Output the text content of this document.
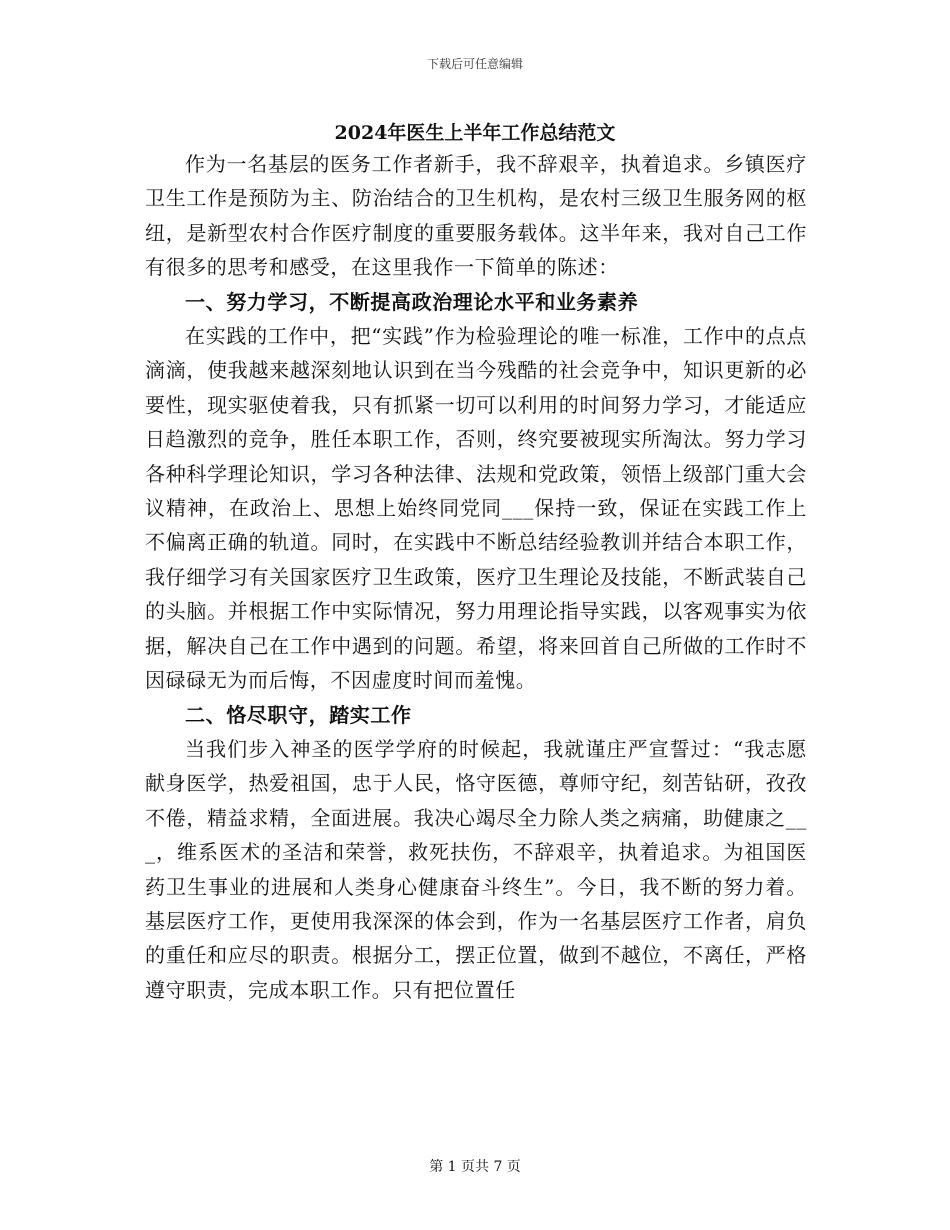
下载后可任意编辑
2024年医生上半年工作总结范文

作为一名基层的医务工作者新手，我不辞艰辛，执着追求。乡镇医疗卫生工作是预防为主、防治结合的卫生机构，是农村三级卫生服务网的枢纽，是新型农村合作医疗制度的重要服务载体。这半年来，我对自己工作有很多的思考和感受，在这里我作一下简单的陈述：

一、努力学习，不断提高政治理论水平和业务素养

在实践的工作中，把“实践”作为检验理论的唯一标准，工作中的点点滴滴，使我越来越深刻地认识到在当今残酷的社会竞争中，知识更新的必要性，现实驱使着我，只有抓紧一切可以利用的时间努力学习，才能适应日趋激烈的竞争，胜任本职工作，否则，终究要被现实所淘汰。努力学习各种科学理论知识，学习各种法律、法规和党政策，领悟上级部门重大会议精神，在政治上、思想上始终同党同___保持一致，保证在实践工作上不偏离正确的轨道。同时，在实践中不断总结经验教训并结合本职工作，我仔细学习有关国家医疗卫生政策，医疗卫生理论及技能，不断武装自己的头脑。并根据工作中实际情况，努力用理论指导实践，以客观事实为依据，解决自己在工作中遇到的问题。希望，将来回首自己所做的工作时不因碌碌无为而后悔，不因虚度时间而羞愧。

二、恪尽职守，踏实工作

当我们步入神圣的医学学府的时候起，我就谨庄严宣誓过：“我志愿献身医学，热爱祖国，忠于人民，恪守医德，尊师守纪，刻苦钻研，孜孜不倦，精益求精，全面进展。我决心竭尽全力除人类之病痛，助健康之___，维系医术的圣洁和荣誉，救死扶伤，不辞艰辛，执着追求。为祖国医药卫生事业的进展和人类身心健康奋斗终生”。今日，我不断的努力着。基层医疗工作，更使用我深深的体会到，作为一名基层医疗工作者，肩负的重任和应尽的职责。根据分工，摆正位置，做到不越位，不离任，严格遵守职责，完成本职工作。只有把位置任

第 1 页共 7 页
